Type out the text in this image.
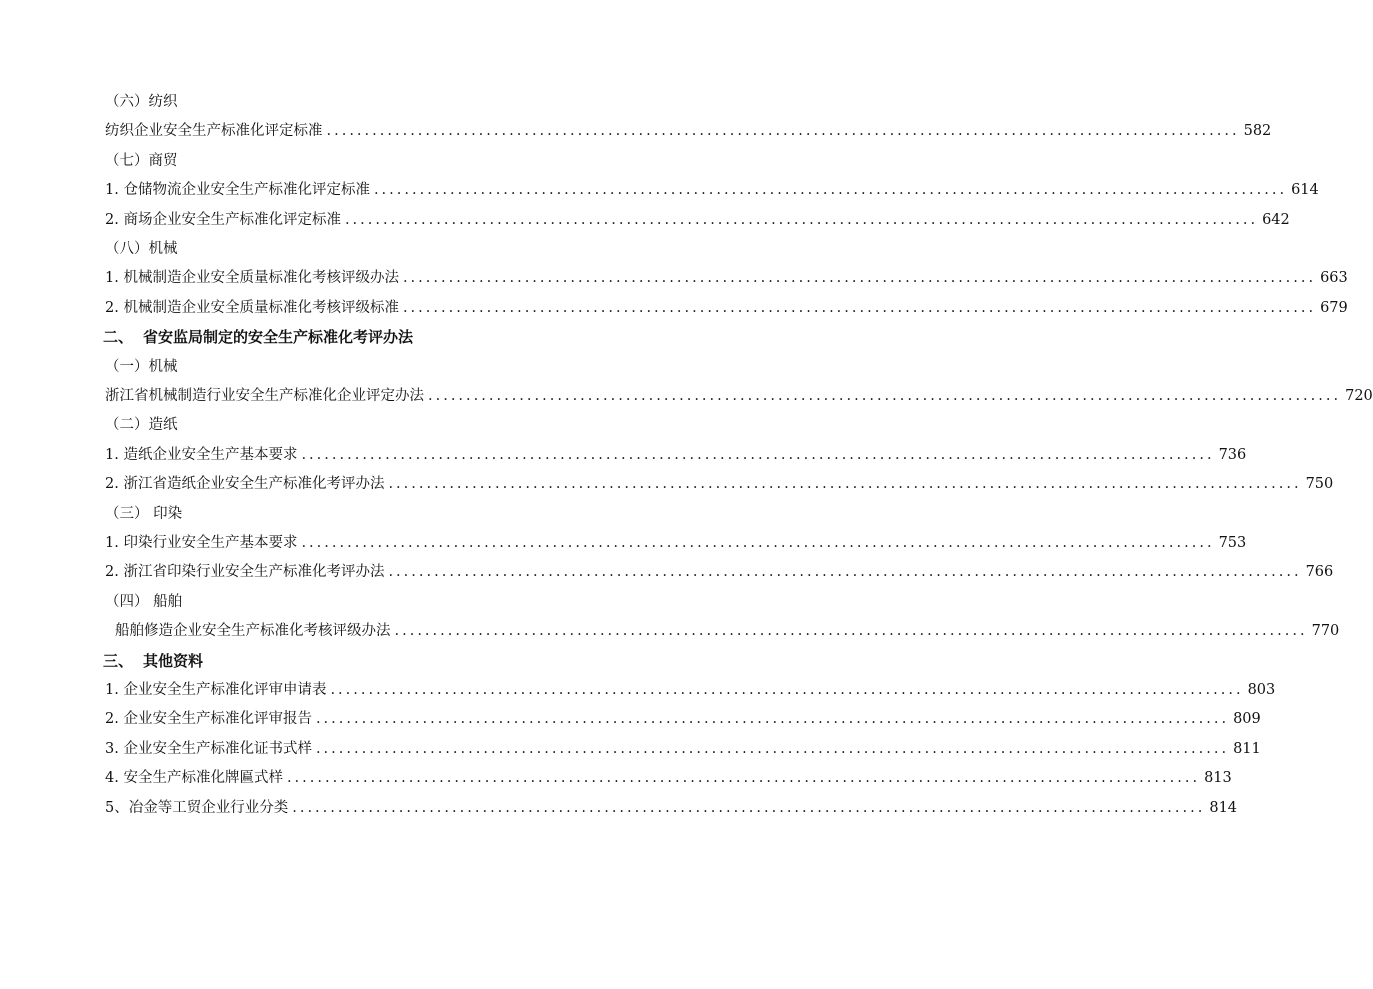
（六）纺织
纺织企业安全生产标准化评定标准 ........................................................................................................................ 582
（七）商贸
1. 仓储物流企业安全生产标准化评定标准 ........................................................................................................................ 614
2. 商场企业安全生产标准化评定标准 ........................................................................................................................ 642
（八）机械
1. 机械制造企业安全质量标准化考核评级办法 ........................................................................................................................ 663
2. 机械制造企业安全质量标准化考核评级标准 ........................................................................................................................ 679
二、 省安监局制定的安全生产标准化考评办法
（一）机械
浙江省机械制造行业安全生产标准化企业评定办法 ........................................................................................................................ 720
（二）造纸
1. 造纸企业安全生产基本要求 ........................................................................................................................ 736
2. 浙江省造纸企业安全生产标准化考评办法 ........................................................................................................................ 750
（三） 印染
1. 印染行业安全生产基本要求 ........................................................................................................................ 753
2. 浙江省印染行业安全生产标准化考评办法 ........................................................................................................................ 766
（四） 船舶
船舶修造企业安全生产标准化考核评级办法 ........................................................................................................................ 770
三、 其他资料
1. 企业安全生产标准化评审申请表 ........................................................................................................................ 803
2. 企业安全生产标准化评审报告 ........................................................................................................................ 809
3. 企业安全生产标准化证书式样 ........................................................................................................................ 811
4. 安全生产标准化牌匾式样 ........................................................................................................................ 813
5、冶金等工贸企业行业分类 ........................................................................................................................ 814
